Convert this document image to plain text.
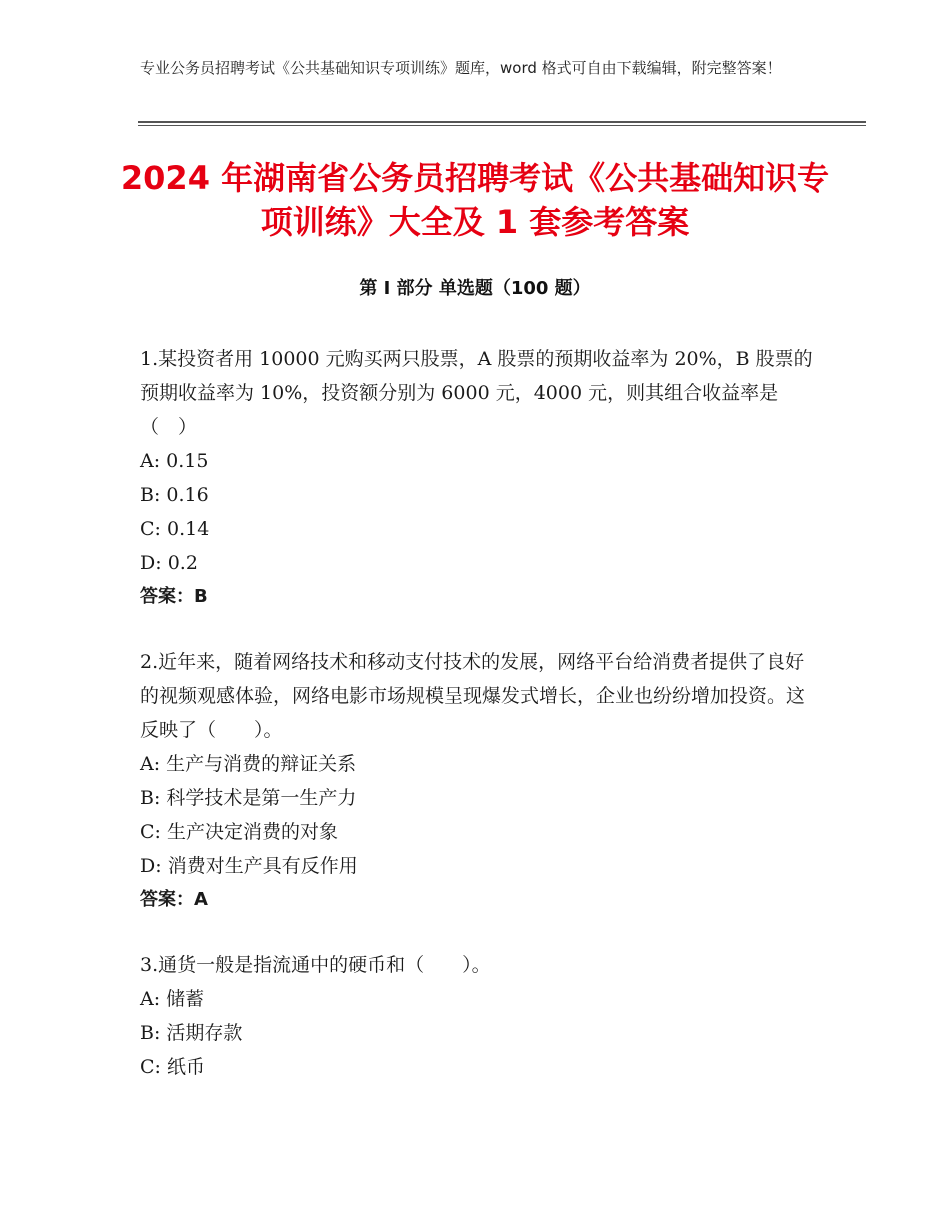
专业公务员招聘考试《公共基础知识专项训练》题库，word 格式可自由下载编辑，附完整答案！
2024 年湖南省公务员招聘考试《公共基础知识专项训练》大全及 1 套参考答案
第 I 部分 单选题（100 题）

1.某投资者用 10000 元购买两只股票，A 股票的预期收益率为 20%，B 股票的预期收益率为 10%，投资额分别为 6000 元，4000 元，则其组合收益率是（　）

A: 0.15

B: 0.16

C: 0.14

D: 0.2

答案：B

2.近年来，随着网络技术和移动支付技术的发展，网络平台给消费者提供了良好的视频观感体验，网络电影市场规模呈现爆发式增长，企业也纷纷增加投资。这反映了（　　）。

A: 生产与消费的辩证关系

B: 科学技术是第一生产力

C: 生产决定消费的对象

D: 消费对生产具有反作用

答案：A

3.通货一般是指流通中的硬币和（　　）。

A: 储蓄

B: 活期存款

C: 纸币
